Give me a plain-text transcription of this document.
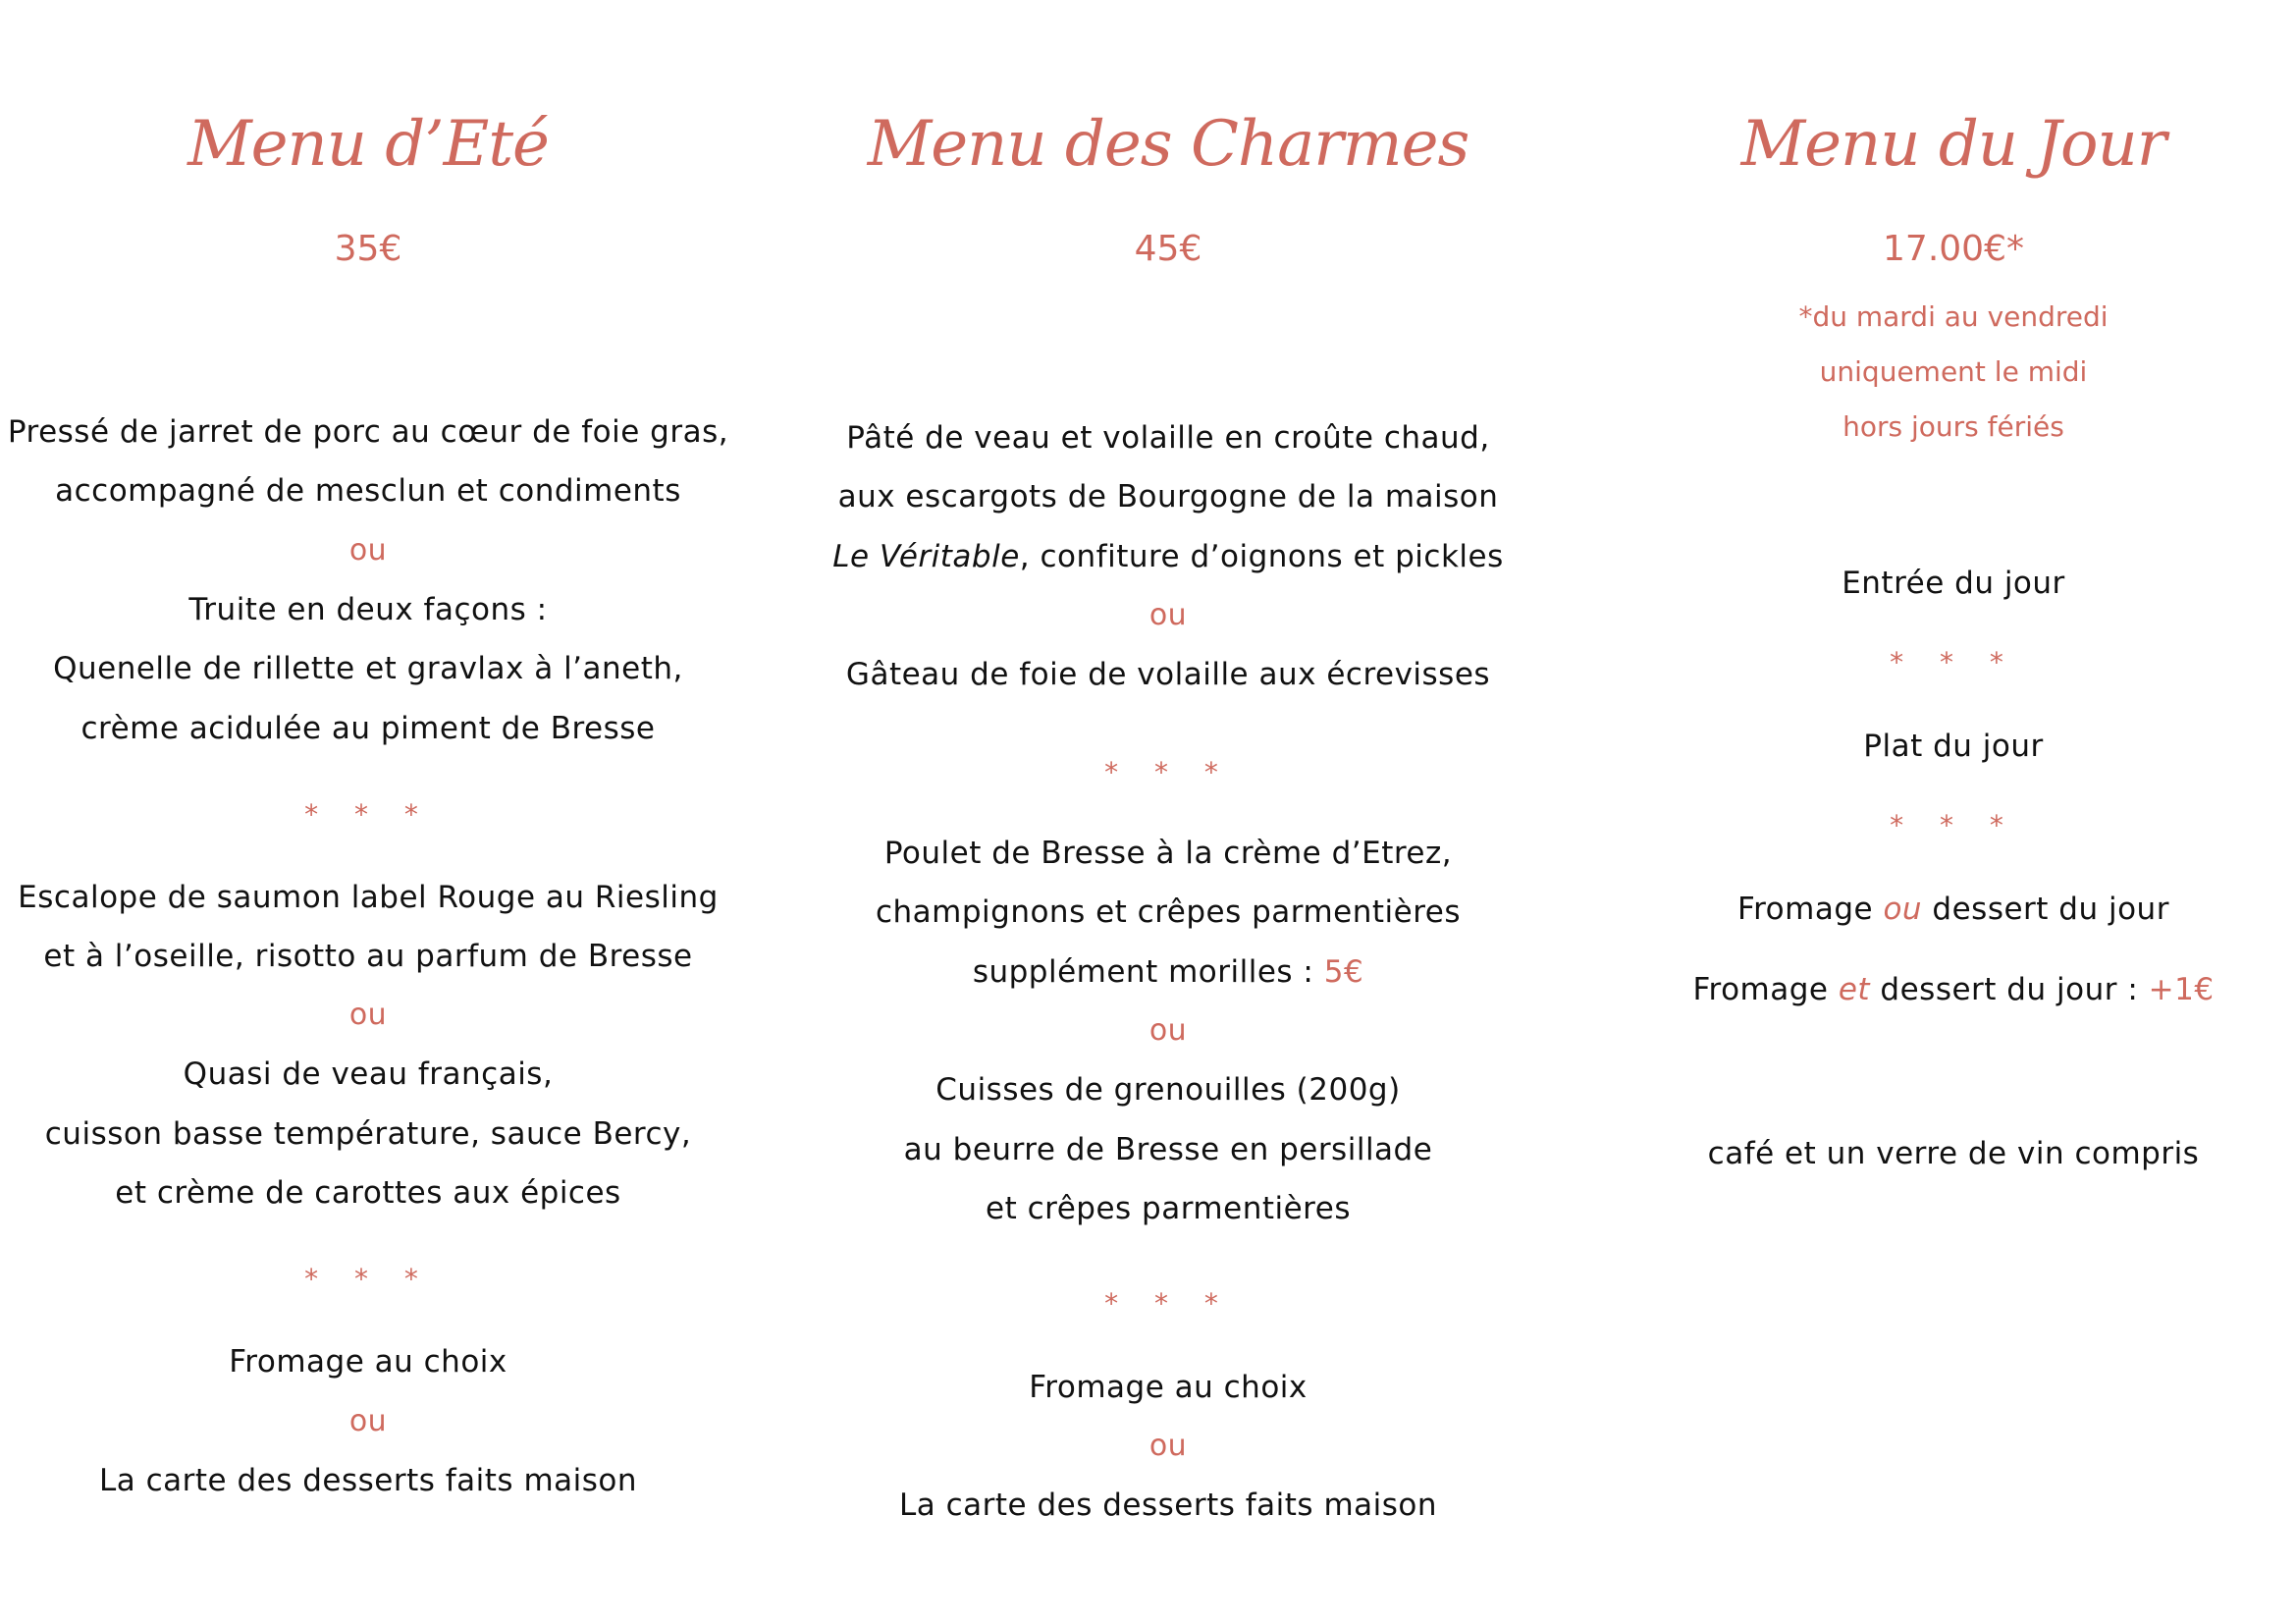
Menu d’Eté
35€
Pressé de jarret de porc au cœur de foie gras,
accompagné de mesclun et condiments
ou
Truite en deux façons :
Quenelle de rillette et gravlax à l’aneth,
crème acidulée au piment de Bresse
* * *
Escalope de saumon label Rouge au Riesling
et à l’oseille, risotto au parfum de Bresse
ou
Quasi de veau français,
cuisson basse température, sauce Bercy,
et crème de carottes aux épices
* * *
Fromage au choix
ou
La carte des desserts faits maison
Menu des Charmes
45€
Pâté de veau et volaille en croûte chaud,
aux escargots de Bourgogne de la maison
Le Véritable, confiture d’oignons et pickles
ou
Gâteau de foie de volaille aux écrevisses
* * *
Poulet de Bresse à la crème d’Etrez,
champignons et crêpes parmentières
supplément morilles : 5€
ou
Cuisses de grenouilles (200g)
au beurre de Bresse en persillade
et crêpes parmentières
* * *
Fromage au choix
ou
La carte des desserts faits maison
Menu du Jour
17.00€*
*du mardi au vendredi
uniquement le midi
hors jours fériés
Entrée du jour
* * *
Plat du jour
* * *
Fromage ou dessert du jour
Fromage et dessert du jour : +1€
café et un verre de vin compris
